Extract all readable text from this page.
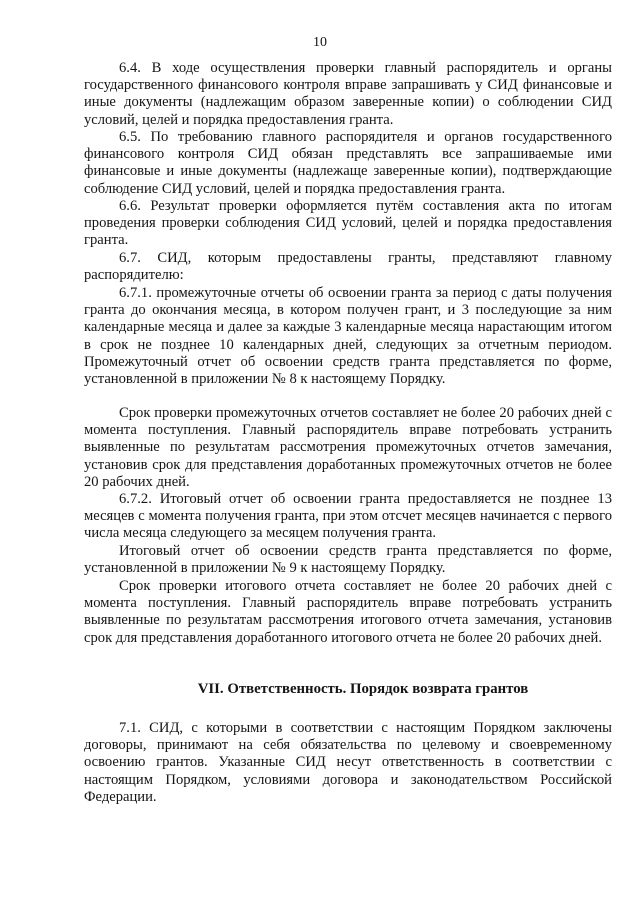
10

6.4. В ходе осуществления проверки главный распорядитель и органы государственного финансового контроля вправе запрашивать у СИД финансовые и иные документы (надлежащим образом заверенные копии) о соблюдении СИД условий, целей и порядка предоставления гранта.

6.5. По требованию главного распорядителя и органов государственного финансового контроля СИД обязан представлять все запрашиваемые ими финансовые и иные документы (надлежаще заверенные копии), подтверждающие соблюдение СИД условий, целей и порядка предоставления гранта.

6.6. Результат проверки оформляется путём составления акта по итогам проведения проверки соблюдения СИД условий, целей и порядка предоставления гранта.

6.7. СИД, которым предоставлены гранты, представляют главному распорядителю:

6.7.1. промежуточные отчеты об освоении гранта за период с даты получения гранта до окончания месяца, в котором получен грант, и 3 последующие за ним календарные месяца и далее за каждые 3 календарные месяца нарастающим итогом в срок не позднее 10 календарных дней, следующих за отчетным периодом. Промежуточный отчет об освоении средств гранта представляется по форме, установленной в приложении № 8 к настоящему Порядку.

Срок проверки промежуточных отчетов составляет не более 20 рабочих дней с момента поступления. Главный распорядитель вправе потребовать устранить выявленные по результатам рассмотрения промежуточных отчетов замечания, установив срок для представления доработанных промежуточных отчетов не более 20 рабочих дней.

6.7.2. Итоговый отчет об освоении гранта предоставляется не позднее 13 месяцев с момента получения гранта, при этом отсчет месяцев начинается с первого числа месяца следующего за месяцем получения гранта.

Итоговый отчет об освоении средств гранта представляется по форме, установленной в приложении № 9 к настоящему Порядку.

Срок проверки итогового отчета составляет не более 20 рабочих дней с момента поступления. Главный распорядитель вправе потребовать устранить выявленные по результатам рассмотрения итогового отчета замечания, установив срок для представления доработанного итогового отчета не более 20 рабочих дней.

VII. Ответственность. Порядок возврата грантов

7.1. СИД, с которыми в соответствии с настоящим Порядком заключены договоры, принимают на себя обязательства по целевому и своевременному освоению грантов. Указанные СИД несут ответственность в соответствии с настоящим Порядком, условиями договора и законодательством Российской Федерации.
